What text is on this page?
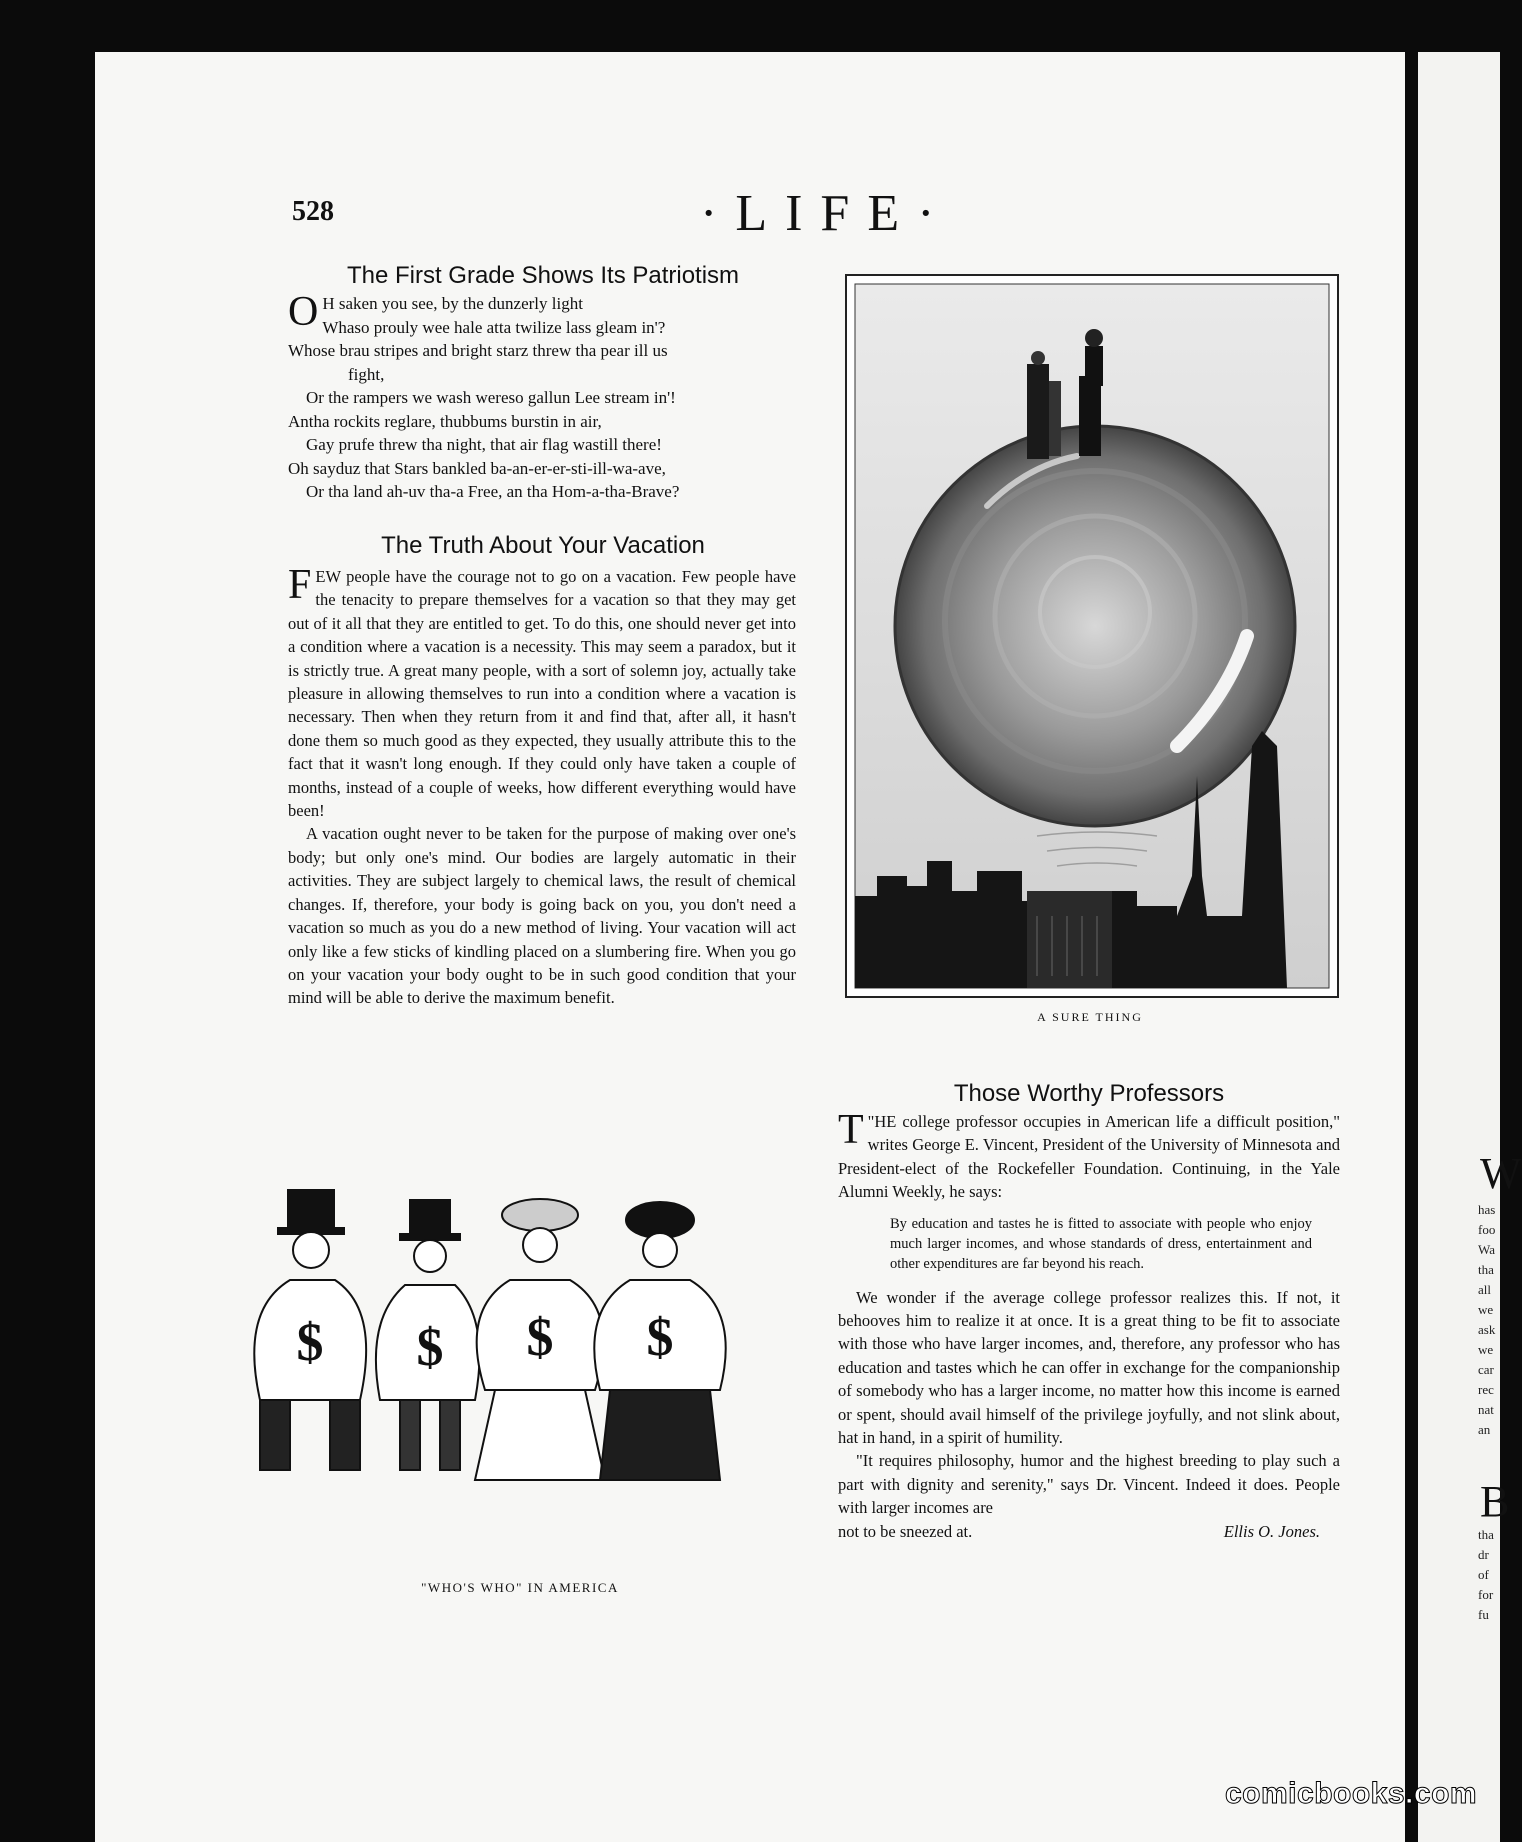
528	·LIFE·
The First Grade Shows Its Patriotism
O H saken you see, by the dunzerly light
Whaso prouly wee hale atta twilize lass gleam in'?
Whose brau stripes and bright starz threw tha pear ill us
fight,
Or the rampers we wash wereso gallun Lee stream in'!
Antha rockits reglare, thubbums burstin in air,
Gay prufe threw tha night, that air flag wastill there!
Oh sayduz that Stars bankled ba-an-er-er-sti-ill-wa-ave,
Or tha land ah-uv tha-a Free, an tha Hom-a-tha-Brave?
The Truth About Your Vacation

FEW people have the courage not to go on a vacation. Few people have the tenacity to prepare themselves for a vacation so that they may get out of it all that they are entitled to get. To do this, one should never get into a condition where a vacation is a necessity. This may seem a paradox, but it is strictly true. A great many people, with a sort of solemn joy, actually take pleasure in allowing themselves to run into a condition where a vacation is necessary. Then when they return from it and find that, after all, it hasn't done them so much good as they expected, they usually attribute this to the fact that it wasn't long enough. If they could only have taken a couple of months, instead of a couple of weeks, how different everything would have been!

A vacation ought never to be taken for the purpose of making over one's body; but only one's mind. Our bodies are largely automatic in their activities. They are subject largely to chemical laws, the result of chemical changes. If, therefore, your body is going back on you, you don't need a vacation so much as you do a new method of living. Your vacation will act only like a few sticks of kindling placed on a slumbering fire. When you go on your vacation your body ought to be in such good condition that your mind will be able to derive the maximum benefit.

A SURE THING
$ $ $ $
"WHO'S WHO" IN AMERICA
Those Worthy Professors

T "HE college professor occupies in American life a difficult position," writes George E. Vincent, President of the University of Minnesota and President-elect of the Rockefeller Foundation. Continuing, in the Yale Alumni Weekly, he says:

By education and tastes he is fitted to associate with people who enjoy much larger incomes, and whose standards of dress, entertainment and other expenditures are far beyond his reach.

We wonder if the average college professor realizes this. If not, it behooves him to realize it at once. It is a great thing to be fit to associate with those who have larger incomes, and, therefore, any professor who has education and tastes which he can offer in exchange for the companionship of somebody who has a larger income, no matter how this income is earned or spent, should avail himself of the privilege joyfully, and not slink about, hat in hand, in a spirit of humility.

"It requires philosophy, humor and the highest breeding to play such a part with dignity and serenity," says Dr. Vincent. Indeed it does. People with larger incomes are

not to be sneezed at.	Ellis O. Jones.
W
has
foo
Wa
tha
all
we
ask
we
car
rec
nat
an
B
tha
dr
of
for
fu
comicbooks.com
